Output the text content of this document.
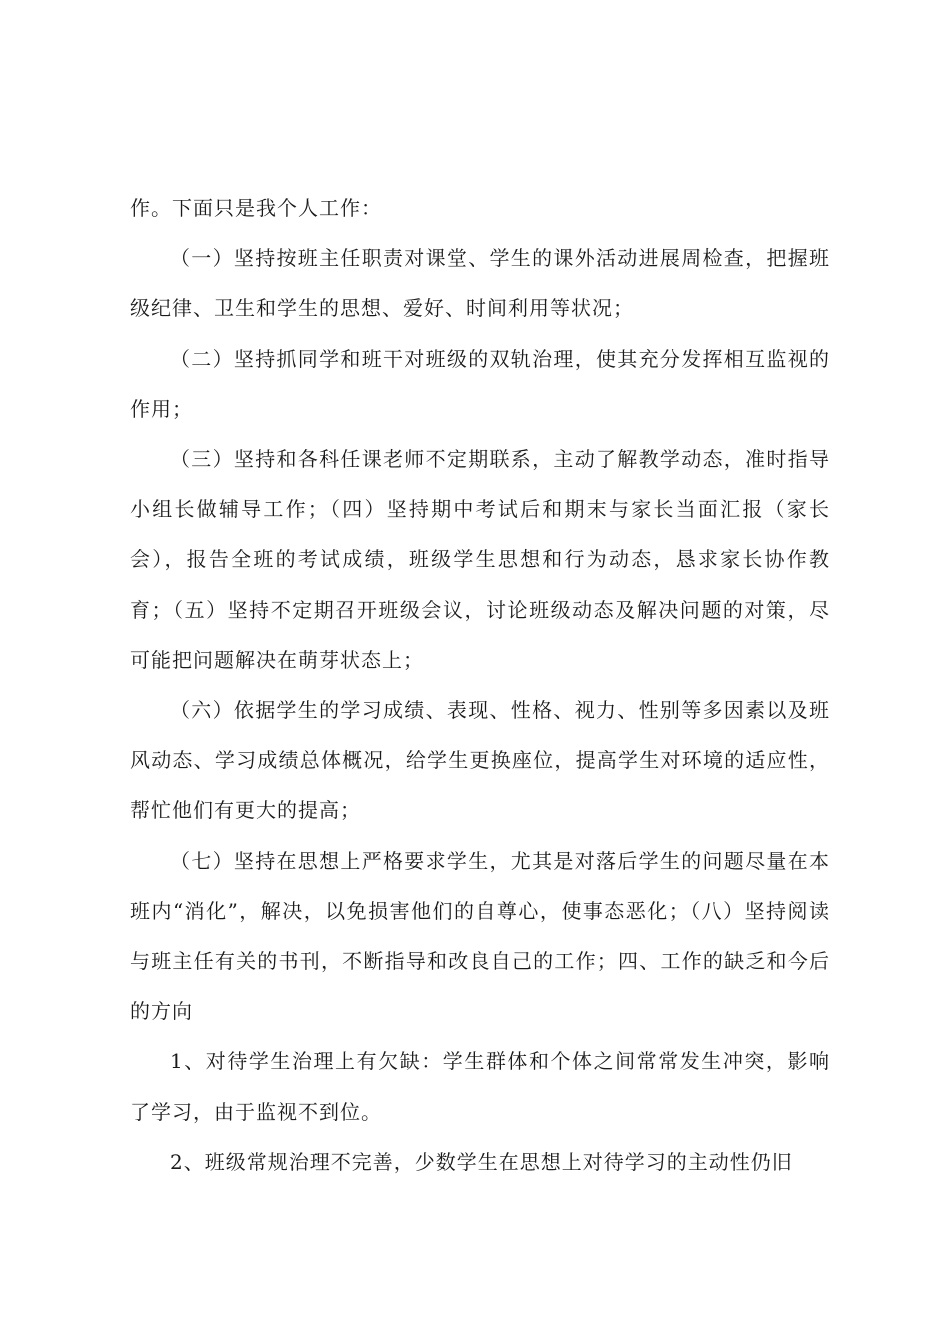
作。下面只是我个人工作：

（一）坚持按班主任职责对课堂、学生的课外活动进展周检查，把握班级纪律、卫生和学生的思想、爱好、时间利用等状况；

（二）坚持抓同学和班干对班级的双轨治理，使其充分发挥相互监视的作用；

（三）坚持和各科任课老师不定期联系，主动了解教学动态，准时指导小组长做辅导工作；（四）坚持期中考试后和期末与家长当面汇报（家长会），报告全班的考试成绩，班级学生思想和行为动态，恳求家长协作教育；（五）坚持不定期召开班级会议，讨论班级动态及解决问题的对策，尽可能把问题解决在萌芽状态上；

（六）依据学生的学习成绩、表现、性格、视力、性别等多因素以及班风动态、学习成绩总体概况，给学生更换座位，提高学生对环境的适应性，帮忙他们有更大的提高；

（七）坚持在思想上严格要求学生，尤其是对落后学生的问题尽量在本班内“消化”，解决，以免损害他们的自尊心，使事态恶化；（八）坚持阅读与班主任有关的书刊，不断指导和改良自己的工作；四、工作的缺乏和今后的方向

1、对待学生治理上有欠缺：学生群体和个体之间常常发生冲突，影响了学习，由于监视不到位。

2、班级常规治理不完善，少数学生在思想上对待学习的主动性仍旧
